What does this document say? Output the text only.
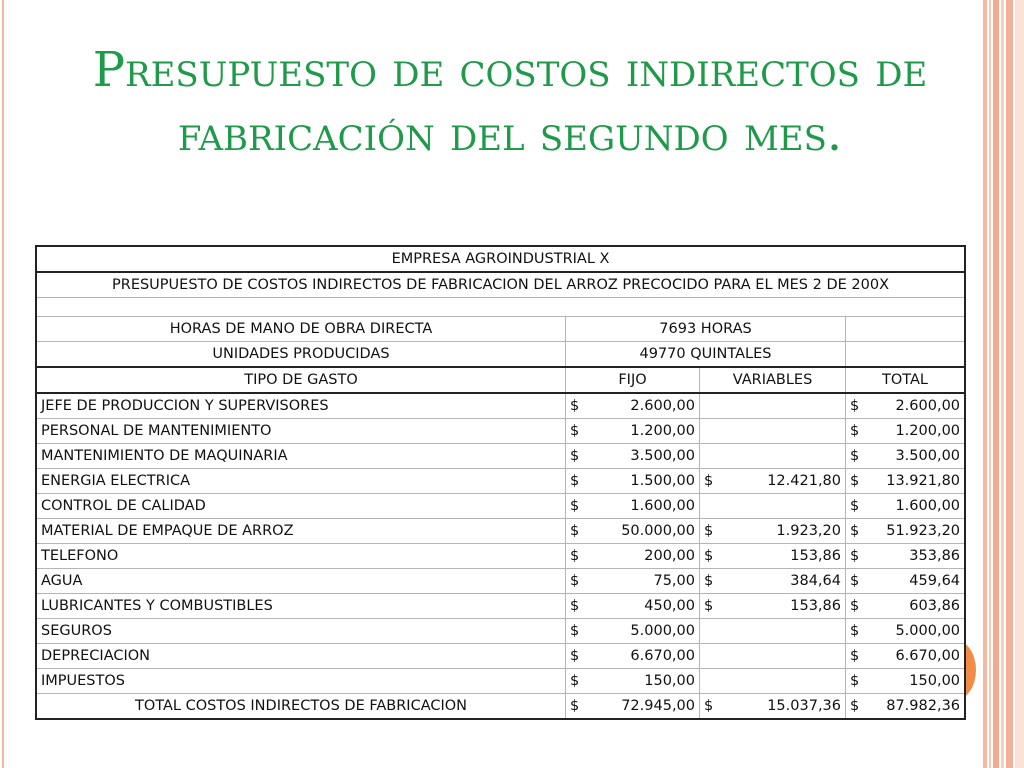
Presupuesto de costos indirectos de fabricación del segundo mes.
EMPRESA AGROINDUSTRIAL X			
PRESUPUESTO DE COSTOS INDIRECTOS DE FABRICACION DEL ARROZ PRECOCIDO PARA EL MES 2 DE 200X			

HORAS DE MANO DE OBRA DIRECTA	7693 HORAS		
UNIDADES PRODUCIDAS	49770 QUINTALES		
TIPO DE GASTO	FIJO	VARIABLES	TOTAL
JEFE DE PRODUCCION Y SUPERVISORES	$ 2.600,00		$ 2.600,00

PERSONAL DE MANTENIMIENTO	$ 1.200,00		$ 1.200,00

MANTENIMIENTO DE MAQUINARIA	$ 3.500,00		$ 3.500,00

ENERGIA ELECTRICA	$ 1.500,00	$ 12.421,80	$ 13.921,80

CONTROL DE CALIDAD	$ 1.600,00		$ 1.600,00

MATERIAL DE EMPAQUE DE ARROZ	$ 50.000,00	$ 1.923,20	$ 51.923,20

TELEFONO	$ 200,00	$ 153,86	$ 353,86

AGUA	$ 75,00	$ 384,64	$ 459,64

LUBRICANTES Y COMBUSTIBLES	$ 450,00	$ 153,86	$ 603,86

SEGUROS	$ 5.000,00		$ 5.000,00

DEPRECIACION	$ 6.670,00		$ 6.670,00

IMPUESTOS	$ 150,00		$ 150,00

TOTAL COSTOS INDIRECTOS DE FABRICACION	$ 72.945,00	$ 15.037,36	$ 87.982,36
